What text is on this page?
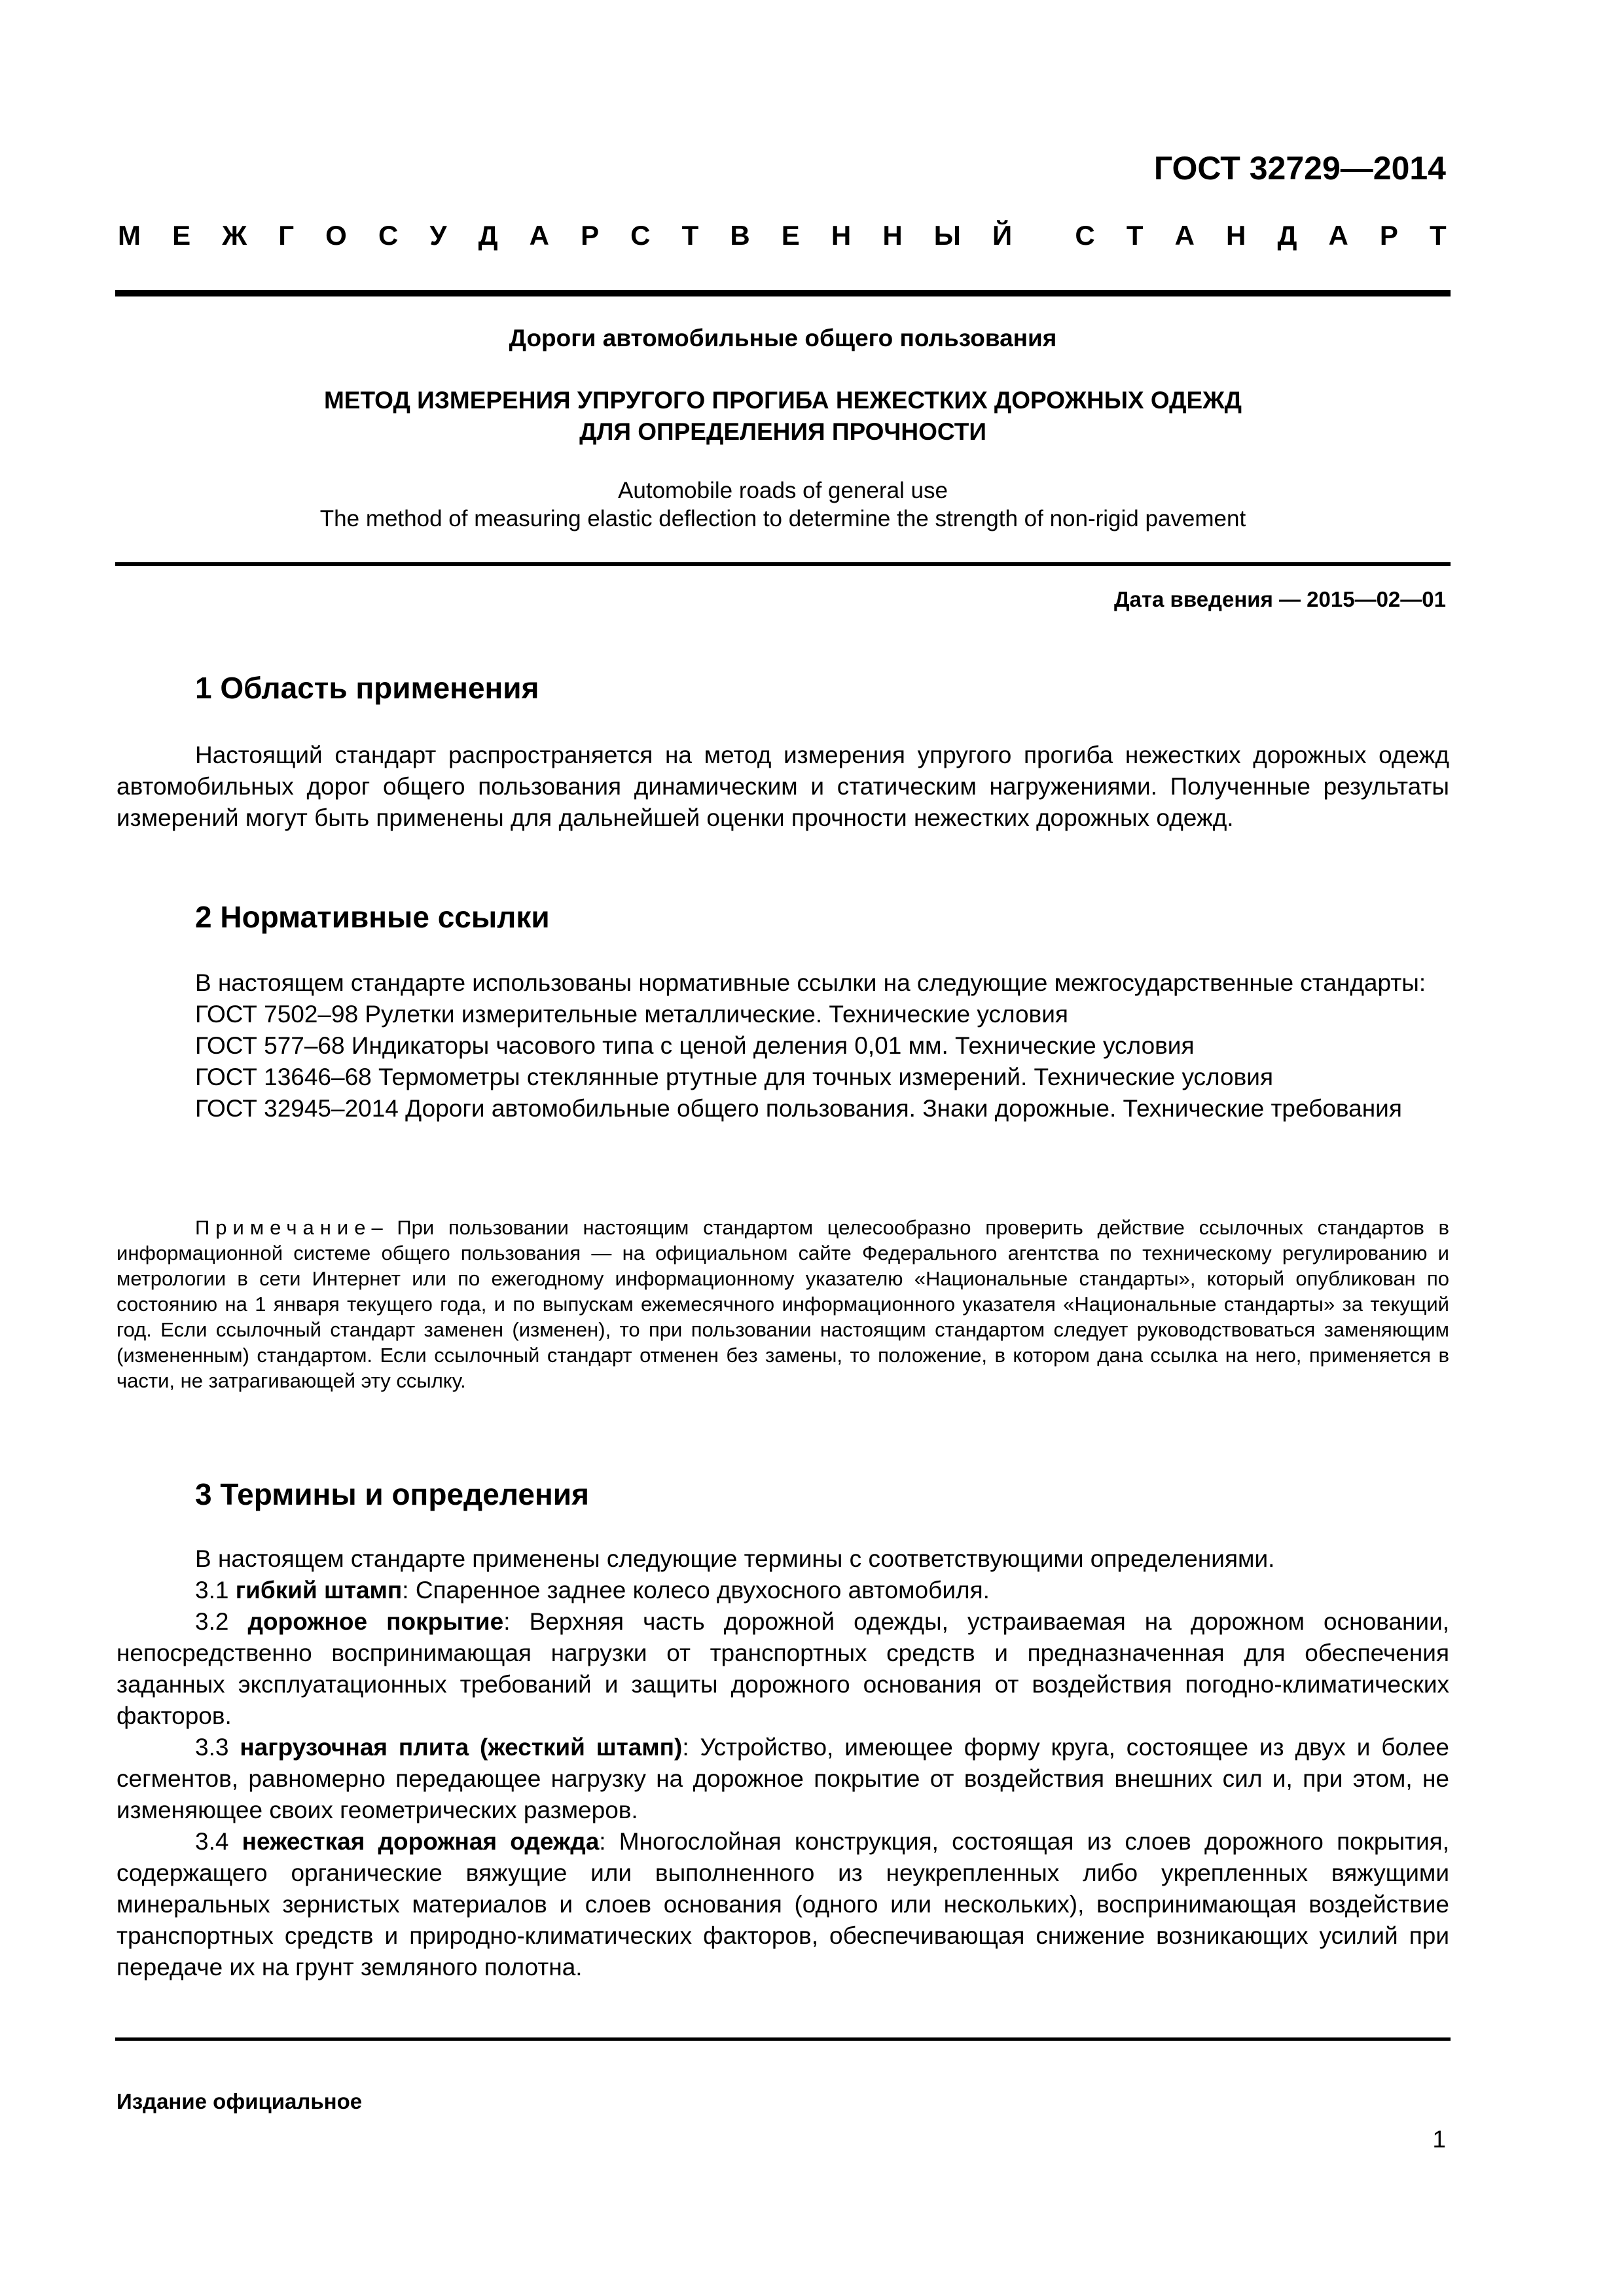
ГОСТ 32729—2014
М Е Ж Г О С У Д А Р С Т В Е Н Н Ы Й С Т А Н Д А Р Т
Дороги автомобильные общего пользования
МЕТОД ИЗМЕРЕНИЯ УПРУГОГО ПРОГИБА НЕЖЕСТКИХ ДОРОЖНЫХ ОДЕЖД
ДЛЯ ОПРЕДЕЛЕНИЯ ПРОЧНОСТИ
Automobile roads of general use
The method of measuring elastic deflection to determine the strength of non-rigid pavement
Дата введения — 2015—02—01
1 Область применения

Настоящий стандарт распространяется на метод измерения упругого прогиба нежестких дорожных одежд автомобильных дорог общего пользования динамическим и статическим нагружениями. Полученные результаты измерений могут быть применены для дальнейшей оценки прочности нежестких дорожных одежд.

2 Нормативные ссылки

В настоящем стандарте использованы нормативные ссылки на следующие межгосударственные стандарты:

ГОСТ 7502–98 Рулетки измерительные металлические. Технические условия

ГОСТ 577–68 Индикаторы часового типа с ценой деления 0,01 мм. Технические условия

ГОСТ 13646–68 Термометры стеклянные ртутные для точных измерений. Технические условия

ГОСТ 32945–2014 Дороги автомобильные общего пользования. Знаки дорожные. Технические требования

Примечание– При пользовании настоящим стандартом целесообразно проверить действие ссылочных стандартов в информационной системе общего пользования — на официальном сайте Федерального агентства по техническому регулированию и метрологии в сети Интернет или по ежегодному информационному указателю «Национальные стандарты», который опубликован по состоянию на 1 января текущего года, и по выпускам ежемесячного информационного указателя «Национальные стандарты» за текущий год. Если ссылочный стандарт заменен (изменен), то при пользовании настоящим стандартом следует руководствоваться заменяющим (измененным) стандартом. Если ссылочный стандарт отменен без замены, то положение, в котором дана ссылка на него, применяется в части, не затрагивающей эту ссылку.

3 Термины и определения

В настоящем стандарте применены следующие термины с соответствующими определениями.

3.1 гибкий штамп: Спаренное заднее колесо двухосного автомобиля.

3.2 дорожное покрытие: Верхняя часть дорожной одежды, устраиваемая на дорожном основании, непосредственно воспринимающая нагрузки от транспортных средств и предназначенная для обеспечения заданных эксплуатационных требований и защиты дорожного основания от воздействия погодно-климатических факторов.

3.3 нагрузочная плита (жесткий штамп): Устройство, имеющее форму круга, состоящее из двух и более сегментов, равномерно передающее нагрузку на дорожное покрытие от воздействия внешних сил и, при этом, не изменяющее своих геометрических размеров.

3.4 нежесткая дорожная одежда: Многослойная конструкция, состоящая из слоев дорожного покрытия, содержащего органические вяжущие или выполненного из неукрепленных либо укрепленных вяжущими минеральных зернистых материалов и слоев основания (одного или нескольких), воспринимающая воздействие транспортных средств и природно-климатических факторов, обеспечивающая снижение возникающих усилий при передаче их на грунт земляного полотна.

Издание официальное
1
